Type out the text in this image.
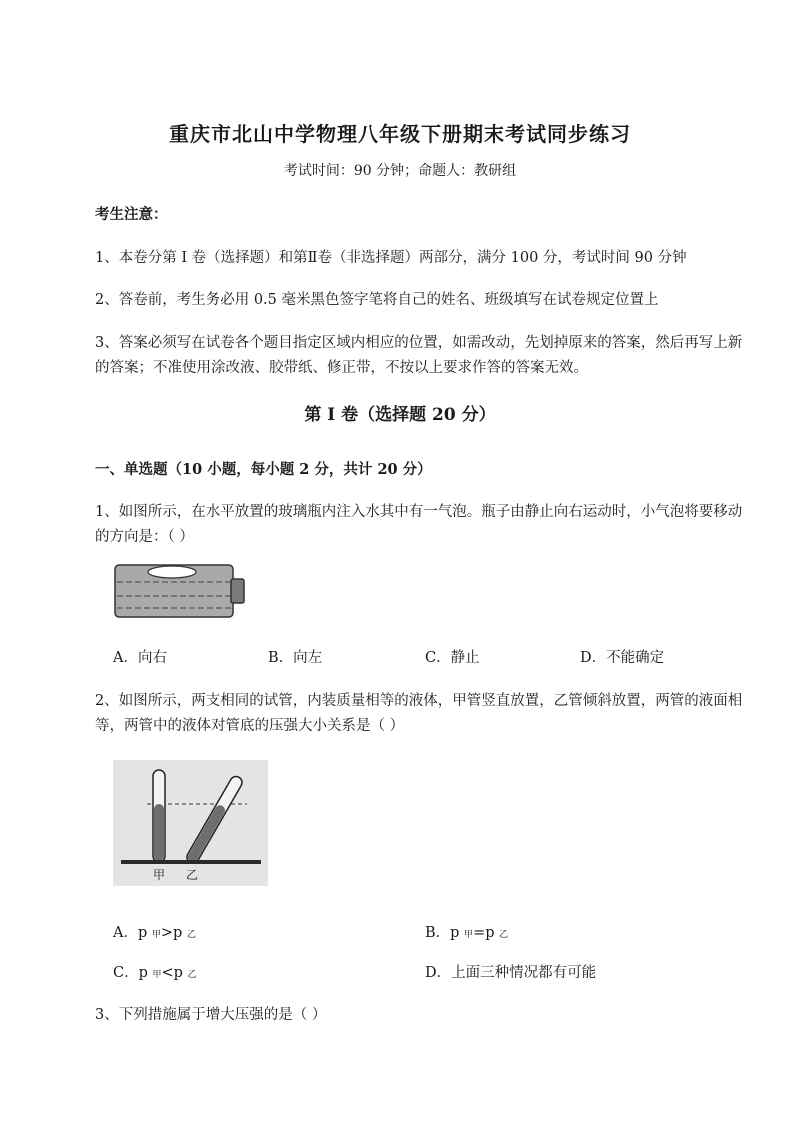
重庆市北山中学物理八年级下册期末考试同步练习
考试时间：90 分钟；命题人：教研组
考生注意：
1、本卷分第 I 卷（选择题）和第Ⅱ卷（非选择题）两部分，满分 100 分，考试时间 90 分钟
2、答卷前，考生务必用 0.5 毫米黑色签字笔将自己的姓名、班级填写在试卷规定位置上
3、答案必须写在试卷各个题目指定区域内相应的位置，如需改动，先划掉原来的答案，然后再写上新
的答案；不准使用涂改液、胶带纸、修正带，不按以上要求作答的答案无效。
第 I 卷（选择题 20 分）
一、单选题（10 小题，每小题 2 分，共计 20 分）
1、如图所示，在水平放置的玻璃瓶内注入水其中有一气泡。瓶子由静止向右运动时，小气泡将要移动
的方向是：（ ）
A．向右	B．向左	C．静止	D．不能确定
2、如图所示，两支相同的试管，内装质量相等的液体，甲管竖直放置，乙管倾斜放置，两管的液面相
等，两管中的液体对管底的压强大小关系是（ ）
甲 乙
A．p 甲>p 乙	B．p 甲=p 乙
C．p 甲<p 乙	D．上面三种情况都有可能
3、下列措施属于增大压强的是（ ）
